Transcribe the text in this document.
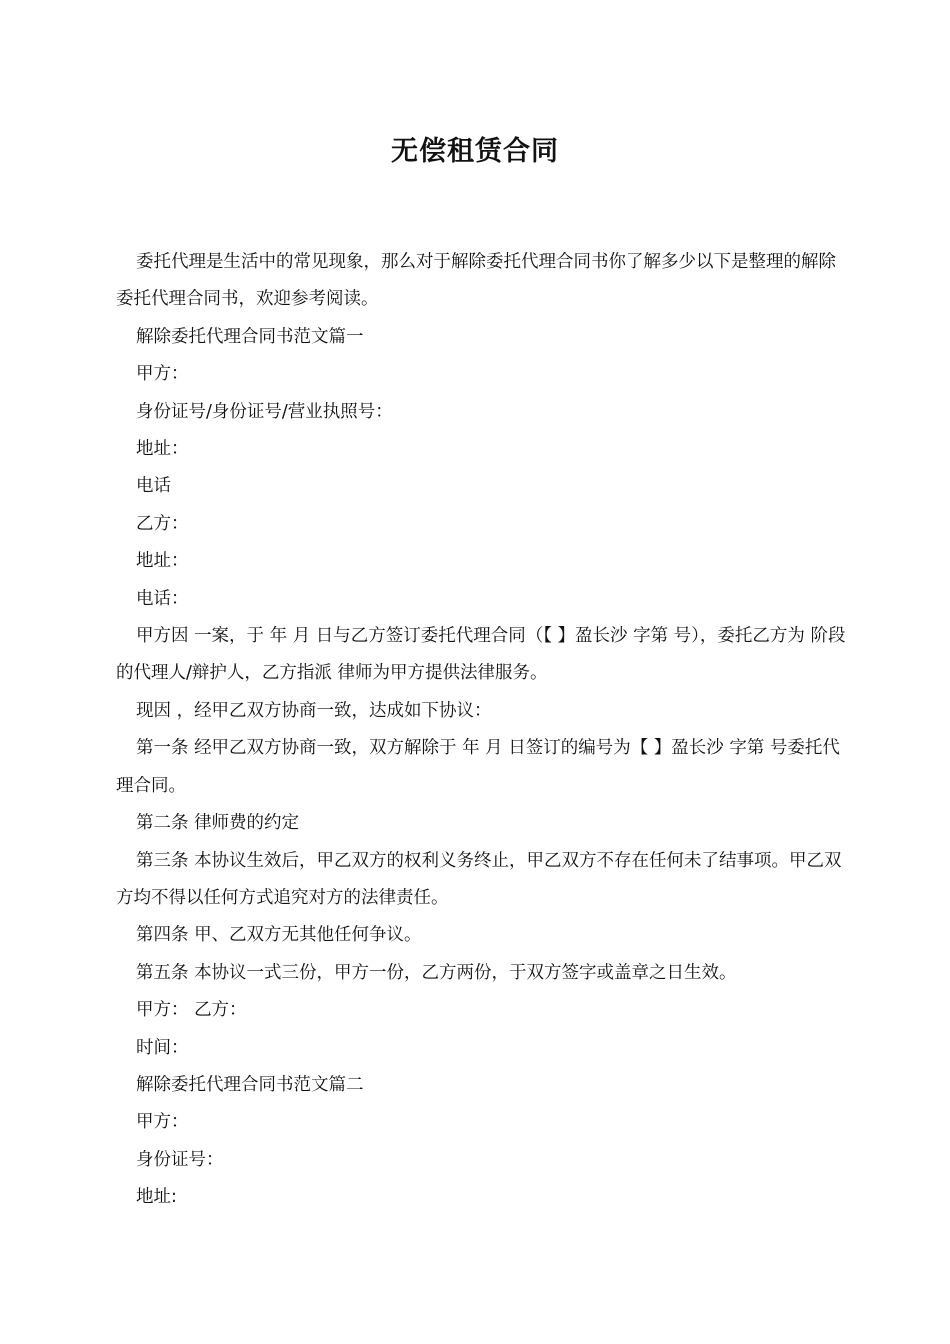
无偿租赁合同

委托代理是生活中的常见现象，那么对于解除委托代理合同书你了解多少以下是整理的解除委托代理合同书，欢迎参考阅读。

解除委托代理合同书范文篇一

甲方：

身份证号/身份证号/营业执照号：

地址：

电话

乙方：

地址：

电话：

甲方因 一案，于 年 月 日与乙方签订委托代理合同（【 】盈长沙 字第 号），委托乙方为 阶段的代理人/辩护人，乙方指派 律师为甲方提供法律服务。

现因 ，经甲乙双方协商一致，达成如下协议：

第一条 经甲乙双方协商一致，双方解除于 年 月 日签订的编号为【 】盈长沙 字第 号委托代理合同。

第二条 律师费的约定

第三条 本协议生效后，甲乙双方的权利义务终止，甲乙双方不存在任何未了结事项。甲乙双方均不得以任何方式追究对方的法律责任。

第四条 甲、乙双方无其他任何争议。

第五条 本协议一式三份，甲方一份，乙方两份，于双方签字或盖章之日生效。

甲方： 乙方：

时间：

解除委托代理合同书范文篇二

甲方：

身份证号：

地址:
